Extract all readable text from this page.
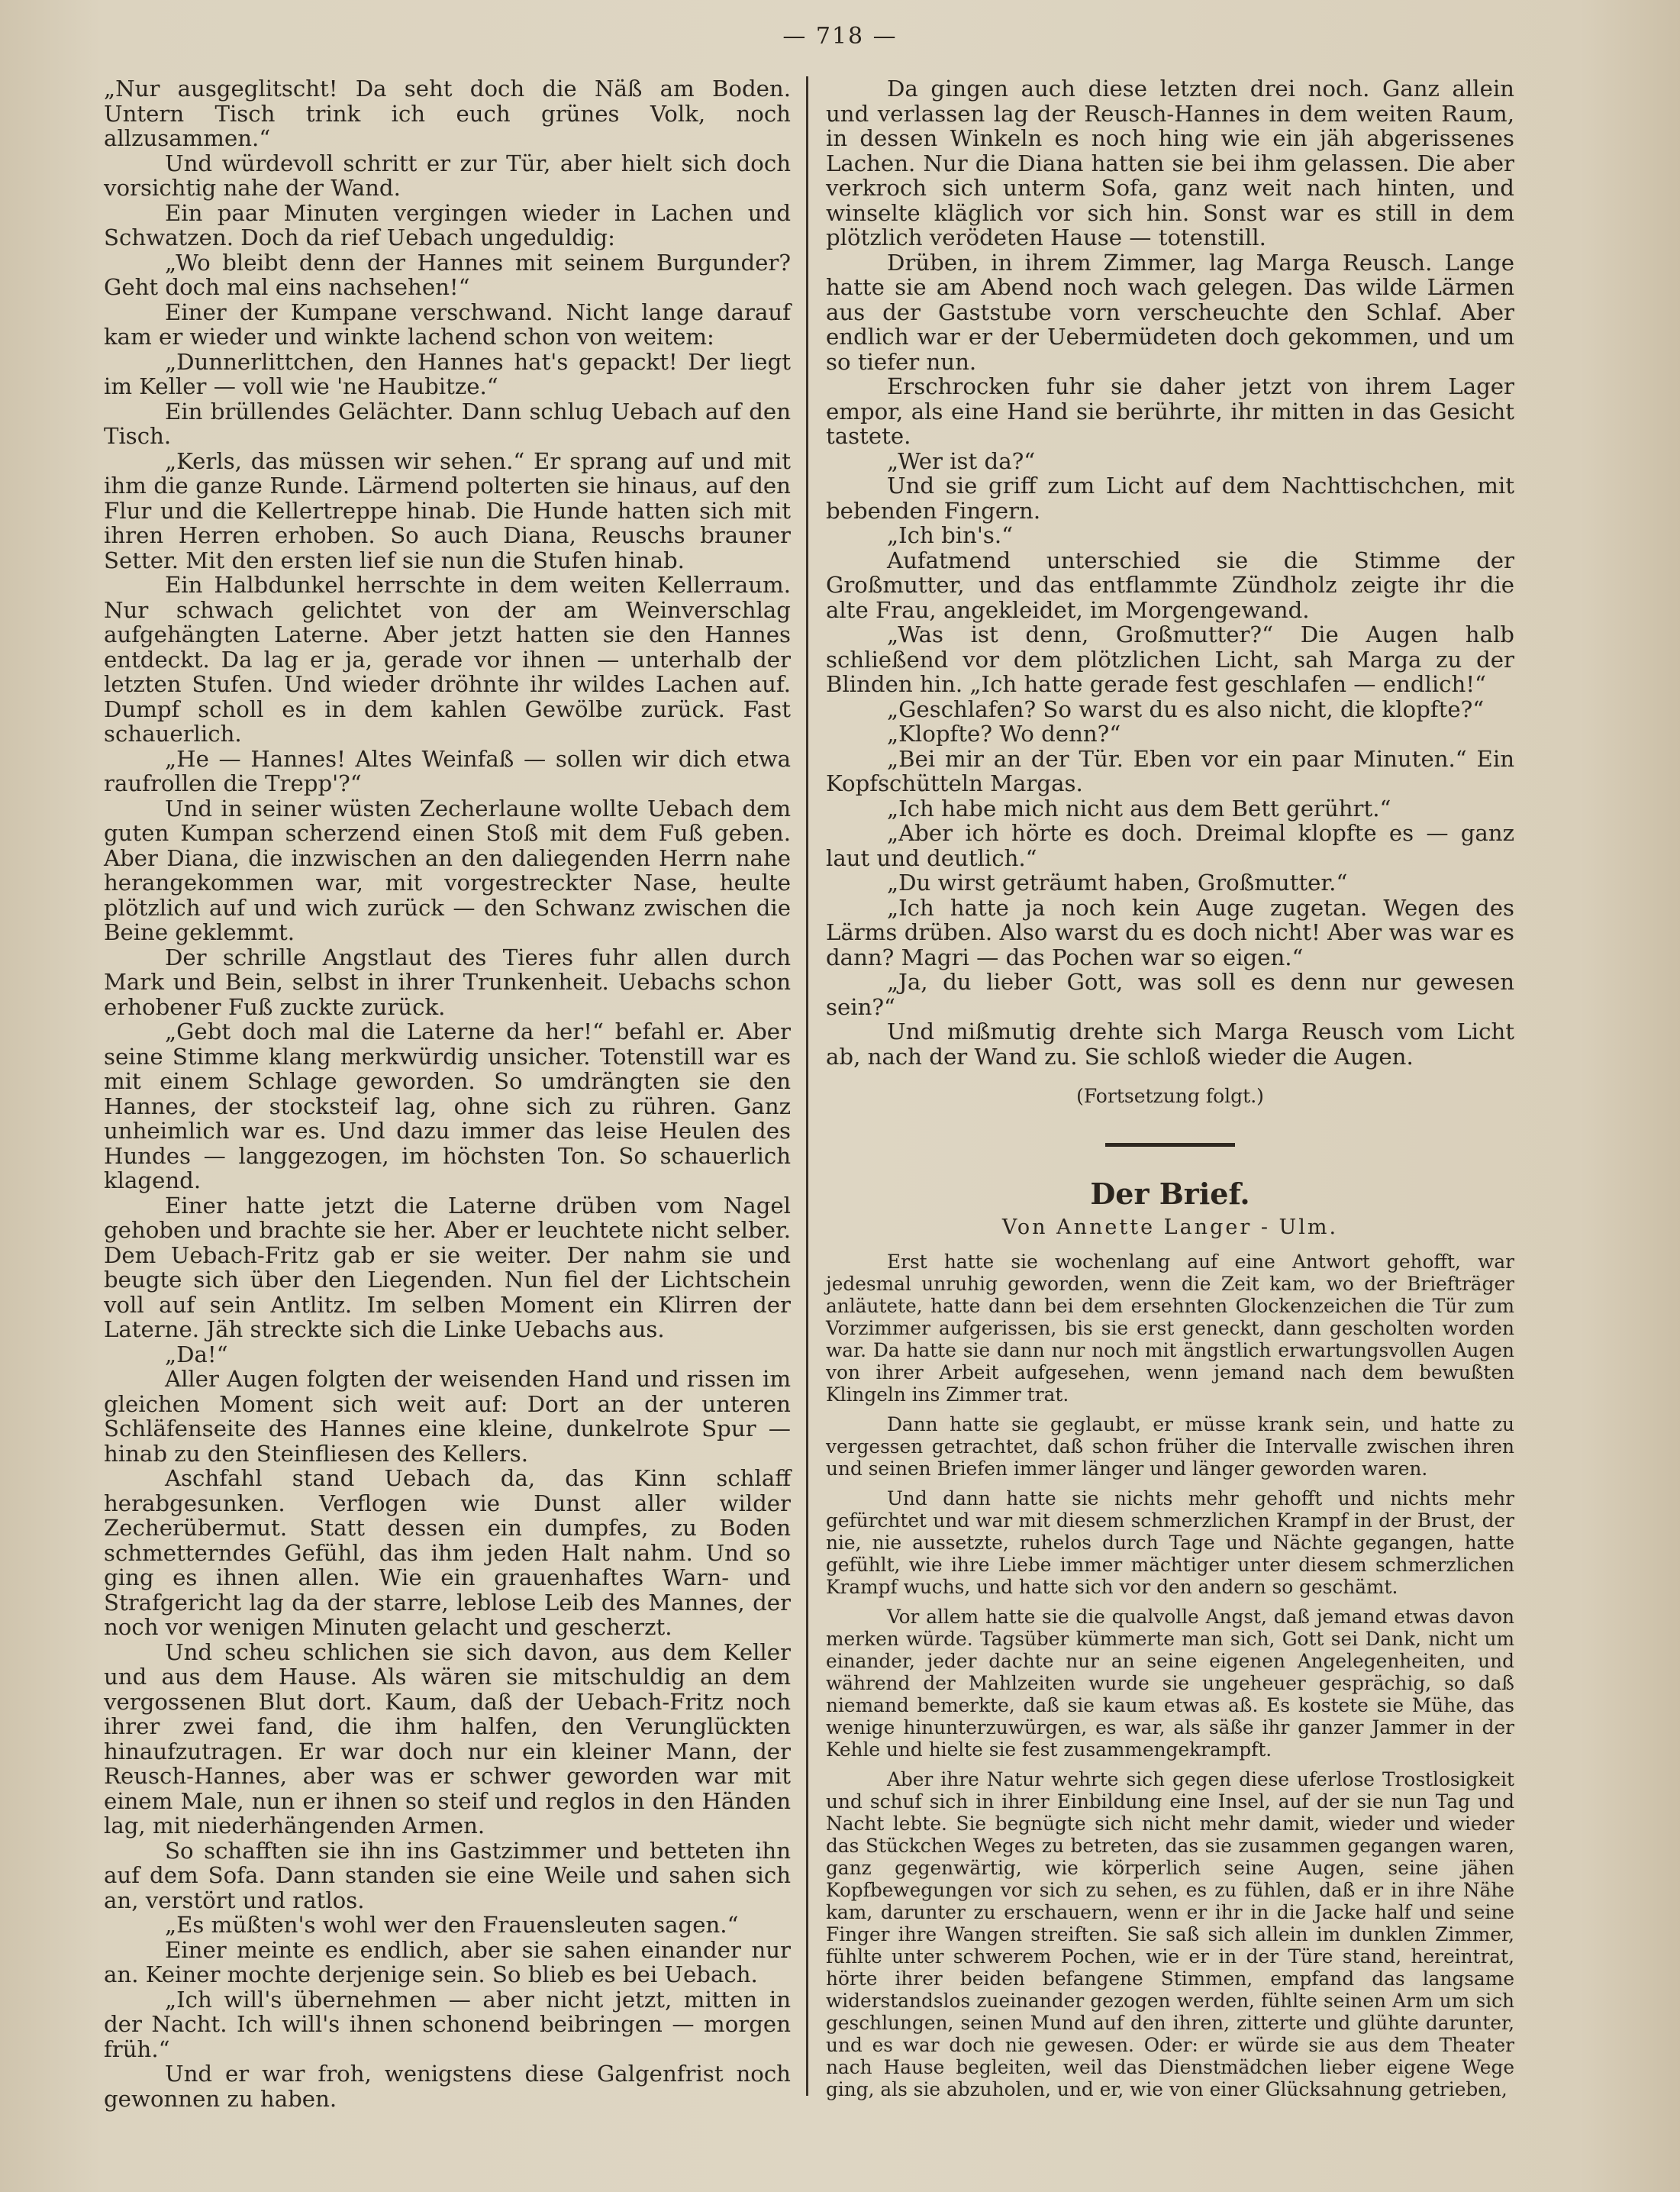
— 718 —

„Nur ausgeglitscht! Da seht doch die Näß am Boden. Untern Tisch trink ich euch grünes Volk, noch allzusammen.“

Und würdevoll schritt er zur Tür, aber hielt sich doch vorsichtig nahe der Wand.

Ein paar Minuten vergingen wieder in Lachen und Schwatzen. Doch da rief Uebach ungeduldig:

„Wo bleibt denn der Hannes mit seinem Burgunder? Geht doch mal eins nachsehen!“

Einer der Kumpane verschwand. Nicht lange darauf kam er wieder und winkte lachend schon von weitem:

„Dunnerlittchen, den Hannes hat's gepackt! Der liegt im Keller — voll wie 'ne Haubitze.“

Ein brüllendes Gelächter. Dann schlug Uebach auf den Tisch.

„Kerls, das müssen wir sehen.“ Er sprang auf und mit ihm die ganze Runde. Lärmend polterten sie hinaus, auf den Flur und die Kellertreppe hinab. Die Hunde hatten sich mit ihren Herren erhoben. So auch Diana, Reuschs brauner Setter. Mit den ersten lief sie nun die Stufen hinab.

Ein Halbdunkel herrschte in dem weiten Kellerraum. Nur schwach gelichtet von der am Weinverschlag aufgehängten Laterne. Aber jetzt hatten sie den Hannes entdeckt. Da lag er ja, gerade vor ihnen — unterhalb der letzten Stufen. Und wieder dröhnte ihr wildes Lachen auf. Dumpf scholl es in dem kahlen Gewölbe zurück. Fast schauerlich.

„He — Hannes! Altes Weinfaß — sollen wir dich etwa raufrollen die Trepp'?“

Und in seiner wüsten Zecherlaune wollte Uebach dem guten Kumpan scherzend einen Stoß mit dem Fuß geben. Aber Diana, die inzwischen an den daliegenden Herrn nahe herangekommen war, mit vorgestreckter Nase, heulte plötzlich auf und wich zurück — den Schwanz zwischen die Beine geklemmt.

Der schrille Angstlaut des Tieres fuhr allen durch Mark und Bein, selbst in ihrer Trunkenheit. Uebachs schon erhobener Fuß zuckte zurück.

„Gebt doch mal die Laterne da her!“ befahl er. Aber seine Stimme klang merkwürdig unsicher. Totenstill war es mit einem Schlage geworden. So umdrängten sie den Hannes, der stocksteif lag, ohne sich zu rühren. Ganz unheimlich war es. Und dazu immer das leise Heulen des Hundes — langgezogen, im höchsten Ton. So schauerlich klagend.

Einer hatte jetzt die Laterne drüben vom Nagel gehoben und brachte sie her. Aber er leuchtete nicht selber. Dem Uebach-Fritz gab er sie weiter. Der nahm sie und beugte sich über den Liegenden. Nun fiel der Lichtschein voll auf sein Antlitz. Im selben Moment ein Klirren der Laterne. Jäh streckte sich die Linke Uebachs aus.

„Da!“

Aller Augen folgten der weisenden Hand und rissen im gleichen Moment sich weit auf: Dort an der unteren Schläfenseite des Hannes eine kleine, dunkelrote Spur — hinab zu den Steinfliesen des Kellers.

Aschfahl stand Uebach da, das Kinn schlaff herabgesunken. Verflogen wie Dunst aller wilder Zecherübermut. Statt dessen ein dumpfes, zu Boden schmetterndes Gefühl, das ihm jeden Halt nahm. Und so ging es ihnen allen. Wie ein grauenhaftes Warn- und Strafgericht lag da der starre, leblose Leib des Mannes, der noch vor wenigen Minuten gelacht und gescherzt.

Und scheu schlichen sie sich davon, aus dem Keller und aus dem Hause. Als wären sie mitschuldig an dem vergossenen Blut dort. Kaum, daß der Uebach-Fritz noch ihrer zwei fand, die ihm halfen, den Verunglückten hinaufzutragen. Er war doch nur ein kleiner Mann, der Reusch-Hannes, aber was er schwer geworden war mit einem Male, nun er ihnen so steif und reglos in den Händen lag, mit niederhängenden Armen.

So schafften sie ihn ins Gastzimmer und betteten ihn auf dem Sofa. Dann standen sie eine Weile und sahen sich an, verstört und ratlos.

„Es müßten's wohl wer den Frauensleuten sagen.“

Einer meinte es endlich, aber sie sahen einander nur an. Keiner mochte derjenige sein. So blieb es bei Uebach.

„Ich will's übernehmen — aber nicht jetzt, mitten in der Nacht. Ich will's ihnen schonend beibringen — morgen früh.“

Und er war froh, wenigstens diese Galgenfrist noch gewonnen zu haben.

Da gingen auch diese letzten drei noch. Ganz allein und verlassen lag der Reusch-Hannes in dem weiten Raum, in dessen Winkeln es noch hing wie ein jäh abgerissenes Lachen. Nur die Diana hatten sie bei ihm gelassen. Die aber verkroch sich unterm Sofa, ganz weit nach hinten, und winselte kläglich vor sich hin. Sonst war es still in dem plötzlich verödeten Hause — totenstill.

Drüben, in ihrem Zimmer, lag Marga Reusch. Lange hatte sie am Abend noch wach gelegen. Das wilde Lärmen aus der Gaststube vorn verscheuchte den Schlaf. Aber endlich war er der Uebermüdeten doch gekommen, und um so tiefer nun.

Erschrocken fuhr sie daher jetzt von ihrem Lager empor, als eine Hand sie berührte, ihr mitten in das Gesicht tastete.

„Wer ist da?“

Und sie griff zum Licht auf dem Nachttischchen, mit bebenden Fingern.

„Ich bin's.“

Aufatmend unterschied sie die Stimme der Großmutter, und das entflammte Zündholz zeigte ihr die alte Frau, angekleidet, im Morgengewand.

„Was ist denn, Großmutter?“ Die Augen halb schließend vor dem plötzlichen Licht, sah Marga zu der Blinden hin. „Ich hatte gerade fest geschlafen — endlich!“

„Geschlafen? So warst du es also nicht, die klopfte?“

„Klopfte? Wo denn?“

„Bei mir an der Tür. Eben vor ein paar Minuten.“ Ein Kopfschütteln Margas.

„Ich habe mich nicht aus dem Bett gerührt.“

„Aber ich hörte es doch. Dreimal klopfte es — ganz laut und deutlich.“

„Du wirst geträumt haben, Großmutter.“

„Ich hatte ja noch kein Auge zugetan. Wegen des Lärms drüben. Also warst du es doch nicht! Aber was war es dann? Magri — das Pochen war so eigen.“

„Ja, du lieber Gott, was soll es denn nur gewesen sein?“

Und mißmutig drehte sich Marga Reusch vom Licht ab, nach der Wand zu. Sie schloß wieder die Augen.

(Fortsetzung folgt.)
Der Brief.
Von Annette Langer - Ulm.

Erst hatte sie wochenlang auf eine Antwort gehofft, war jedesmal unruhig geworden, wenn die Zeit kam, wo der Briefträger anläutete, hatte dann bei dem ersehnten Glockenzeichen die Tür zum Vorzimmer aufgerissen, bis sie erst geneckt, dann gescholten worden war. Da hatte sie dann nur noch mit ängstlich erwartungsvollen Augen von ihrer Arbeit aufgesehen, wenn jemand nach dem bewußten Klingeln ins Zimmer trat.

Dann hatte sie geglaubt, er müsse krank sein, und hatte zu vergessen getrachtet, daß schon früher die Intervalle zwischen ihren und seinen Briefen immer länger und länger geworden waren.

Und dann hatte sie nichts mehr gehofft und nichts mehr gefürchtet und war mit diesem schmerzlichen Krampf in der Brust, der nie, nie aussetzte, ruhelos durch Tage und Nächte gegangen, hatte gefühlt, wie ihre Liebe immer mächtiger unter diesem schmerzlichen Krampf wuchs, und hatte sich vor den andern so geschämt.

Vor allem hatte sie die qualvolle Angst, daß jemand etwas davon merken würde. Tagsüber kümmerte man sich, Gott sei Dank, nicht um einander, jeder dachte nur an seine eigenen Angelegenheiten, und während der Mahlzeiten wurde sie ungeheuer gesprächig, so daß niemand bemerkte, daß sie kaum etwas aß. Es kostete sie Mühe, das wenige hinunterzuwürgen, es war, als säße ihr ganzer Jammer in der Kehle und hielte sie fest zusammengekrampft.

Aber ihre Natur wehrte sich gegen diese uferlose Trostlosigkeit und schuf sich in ihrer Einbildung eine Insel, auf der sie nun Tag und Nacht lebte. Sie begnügte sich nicht mehr damit, wieder und wieder das Stückchen Weges zu betreten, das sie zusammen gegangen waren, ganz gegenwärtig, wie körperlich seine Augen, seine jähen Kopfbewegungen vor sich zu sehen, es zu fühlen, daß er in ihre Nähe kam, darunter zu erschauern, wenn er ihr in die Jacke half und seine Finger ihre Wangen streiften. Sie saß sich allein im dunklen Zimmer, fühlte unter schwerem Pochen, wie er in der Türe stand, hereintrat, hörte ihrer beiden befangene Stimmen, empfand das langsame widerstandslos zueinander gezogen werden, fühlte seinen Arm um sich geschlungen, seinen Mund auf den ihren, zitterte und glühte darunter, und es war doch nie gewesen. Oder: er würde sie aus dem Theater nach Hause begleiten, weil das Dienstmädchen lieber eigene Wege ging, als sie abzuholen, und er, wie von einer Glücksahnung getrieben,
